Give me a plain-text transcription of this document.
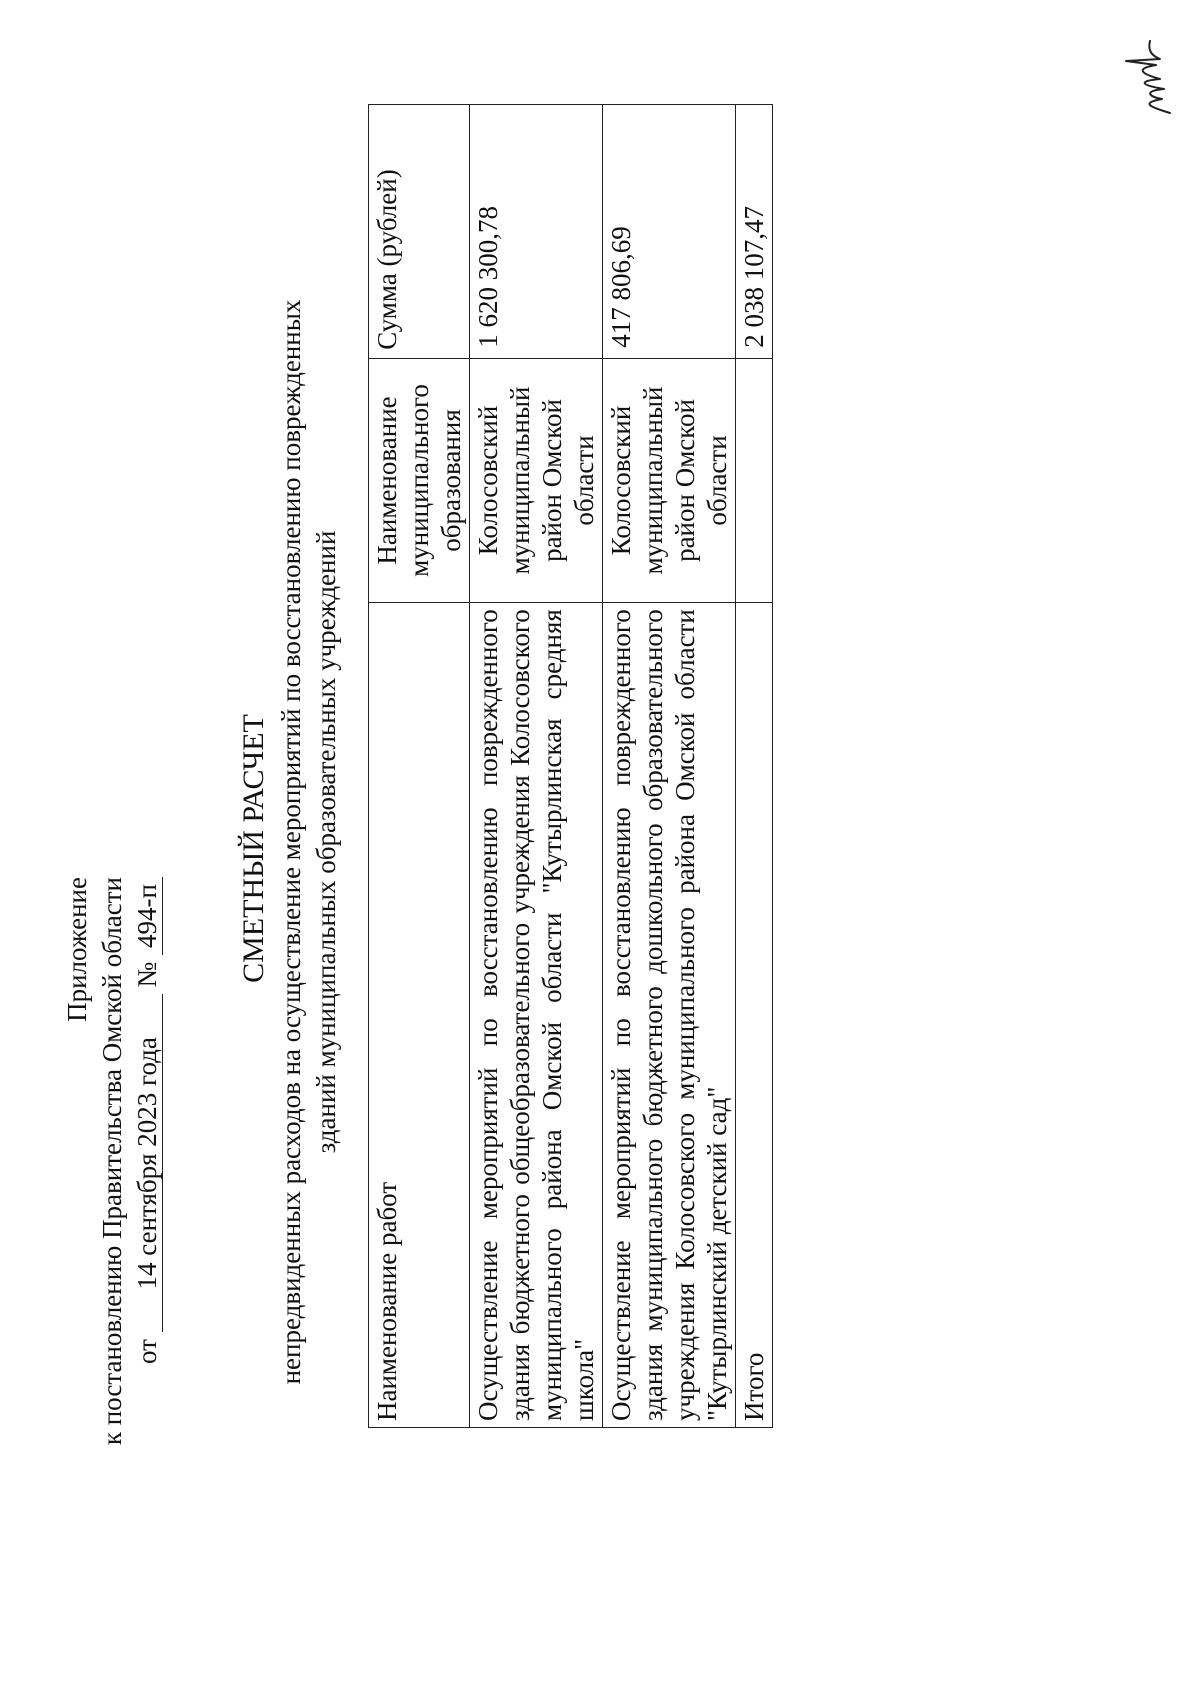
Приложение к постановлению Правительства Омской области от 14 сентября 2023 года № 494-п	СМЕТНЫЙ РАСЧЕТ непредвиденных расходов на осуществление мероприятий по восстановлению поврежденных зданий муниципальных образовательных учреждений
Наименование работ	Наименование муниципального образования	Сумма (рублей)
Осуществление мероприятий по восстановлению поврежденного здания бюджетного общеобразовательного учреждения Колосовского муниципального района Омской области "Кутырлинская средняя школа"	Колосовский муниципальный район Омской области	1 620 300,78
Осуществление мероприятий по восстановлению поврежденного здания муниципального бюджетного дошкольного образовательного учреждения Колосовского муниципального района Омской области "Кутырлинский детский сад"	Колосовский муниципальный район Омской области	417 806,69
Итого		2 038 107,47
